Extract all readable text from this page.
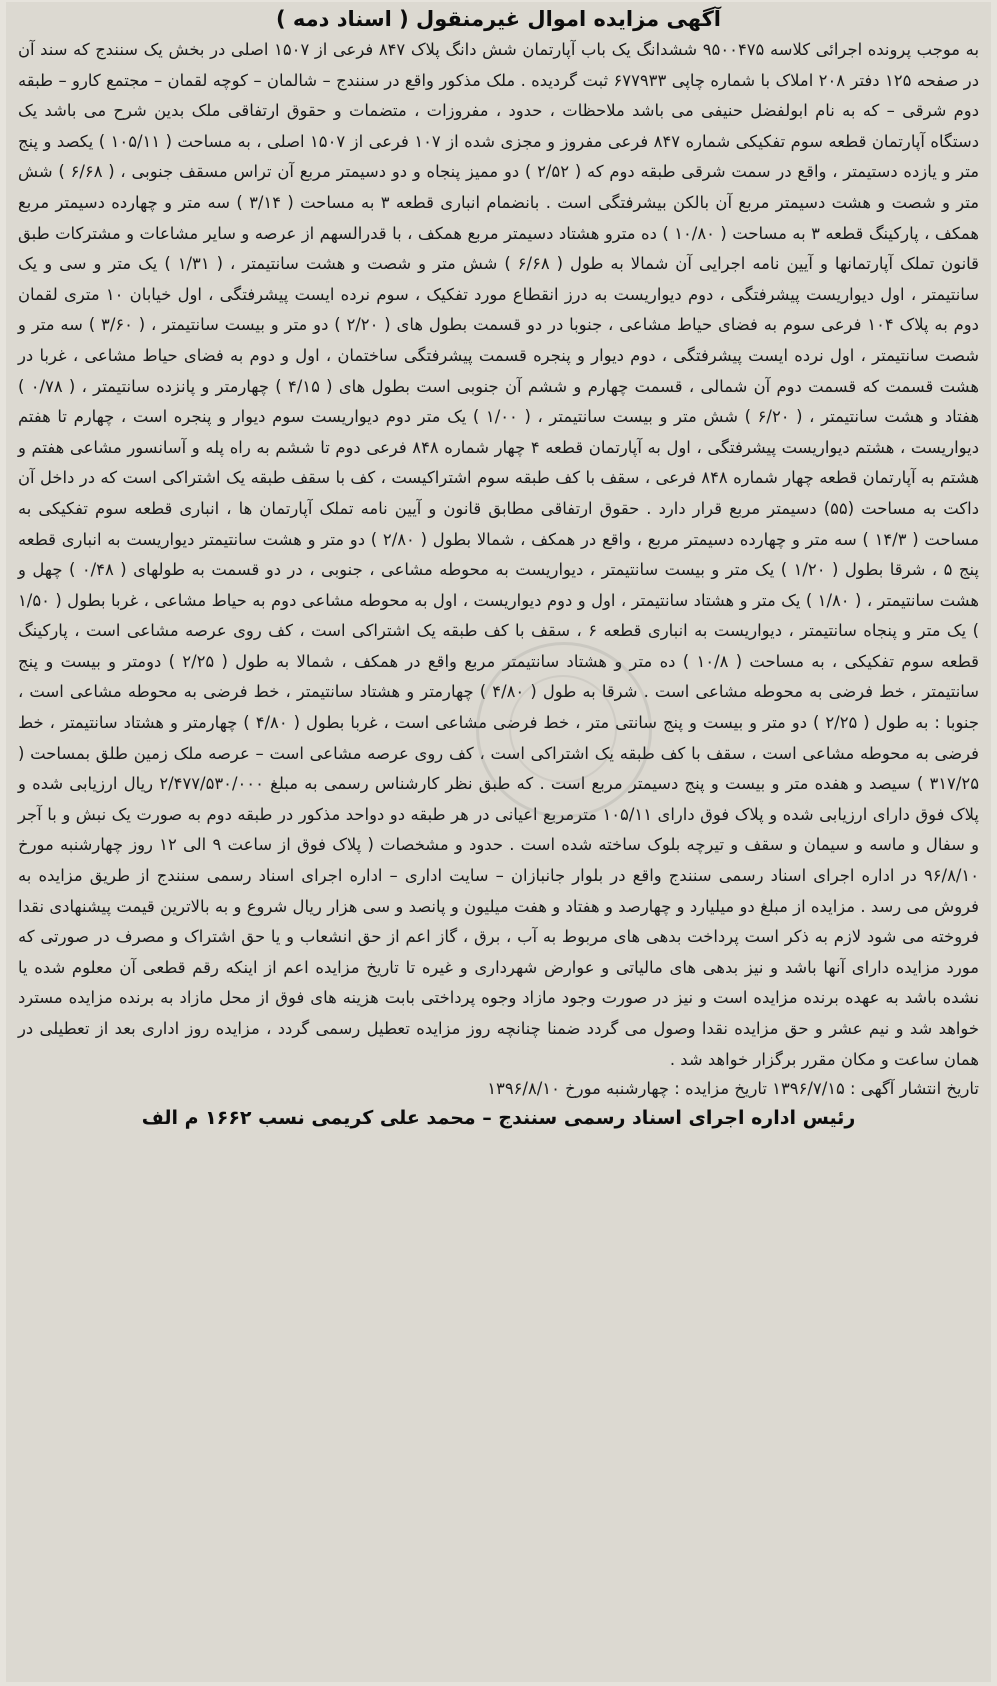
آگهی مزایده اموال غیرمنقول ( اسناد دمه )

به موجب پرونده اجرائی کلاسه ۹۵۰۰۴۷۵ ششدانگ یک باب آپارتمان شش دانگ پلاک ۸۴۷ فرعی از ۱۵۰۷ اصلی در بخش یک سنندج که سند آن در صفحه ۱۲۵ دفتر ۲۰۸ املاک با شماره چاپی ۶۷۷۹۳۳ ثبت گردیده . ملک مذکور واقع در سنندج – شالمان – کوچه لقمان – مجتمع کارو – طبقه دوم شرقی – که به نام ابولفضل حنیفی می باشد ملاحظات ، حدود ، مفروزات ، متضمات و حقوق ارتفاقی ملک بدین شرح می باشد یک دستگاه آپارتمان قطعه سوم تفکیکی شماره ۸۴۷ فرعی مفروز و مجزی شده از ۱۰۷ فرعی از ۱۵۰۷ اصلی ، به مساحت ( ۱۰۵/۱۱ ) یکصد و پنج متر و یازده دستیمتر ، واقع در سمت شرقی طبقه دوم که ( ۲/۵۲ ) دو ممیز پنجاه و دو دسیمتر مربع آن تراس مسقف جنوبی ، ( ۶/۶۸ ) شش متر و شصت و هشت دسیمتر مربع آن بالکن بیشرفتگی است . بانضمام انباری قطعه ۳ به مساحت ( ۳/۱۴ ) سه متر و چهارده دسیمتر مربع همکف ، پارکینگ قطعه ۳ به مساحت ( ۱۰/۸۰ ) ده مترو هشتاد دسیمتر مربع همکف ، با قدرالسهم از عرصه و سایر مشاعات و مشترکات طبق قانون تملک آپارتمانها و آیین نامه اجرایی آن شمالا به طول ( ۶/۶۸ ) شش متر و شصت و هشت سانتیمتر ، ( ۱/۳۱ ) یک متر و سی و یک سانتیمتر ، اول دیواریست پیشرفتگی ، دوم دیواریست به درز انقطاع مورد تفکیک ، سوم نرده ایست پیشرفتگی ، اول خیابان ۱۰ متری لقمان دوم به پلاک ۱۰۴ فرعی سوم به فضای حیاط مشاعی ، جنوبا در دو قسمت بطول های ( ۲/۲۰ ) دو متر و بیست سانتیمتر ، ( ۳/۶۰ ) سه متر و شصت سانتیمتر ، اول نرده ایست پیشرفتگی ، دوم دیوار و پنجره قسمت پیشرفتگی ساختمان ، اول و دوم به فضای حیاط مشاعی ، غربا در هشت قسمت که قسمت دوم آن شمالی ، قسمت چهارم و ششم آن جنوبی است بطول های ( ۴/۱۵ ) چهارمتر و پانزده سانتیمتر ، ( ۰/۷۸ ) هفتاد و هشت سانتیمتر ، ( ۶/۲۰ ) شش متر و بیست سانتیمتر ، ( ۱/۰۰ ) یک متر دوم دیواریست سوم دیوار و پنجره است ، چهارم تا هفتم دیواریست ، هشتم دیواریست پیشرفتگی ، اول به آپارتمان قطعه ۴ چهار شماره ۸۴۸ فرعی دوم تا ششم به راه پله و آسانسور مشاعی هفتم و هشتم به آپارتمان قطعه چهار شماره ۸۴۸ فرعی ، سقف با کف طبقه سوم اشتراکیست ، کف با سقف طبقه یک اشتراکی است که در داخل آن داکت به مساحت (۵۵) دسیمتر مربع قرار دارد . حقوق ارتفاقی مطابق قانون و آیین نامه تملک آپارتمان ها ، انباری قطعه سوم تفکیکی به مساحت ( ۱۴/۳ ) سه متر و چهارده دسیمتر مربع ، واقع در همکف ، شمالا بطول ( ۲/۸۰ ) دو متر و هشت سانتیمتر دیواریست به انباری قطعه پنج ۵ ، شرقا بطول ( ۱/۲۰ ) یک متر و بیست سانتیمتر ، دیواریست به محوطه مشاعی ، جنوبی ، در دو قسمت به طولهای ( ۰/۴۸ ) چهل و هشت سانتیمتر ، ( ۱/۸۰ ) یک متر و هشتاد سانتیمتر ، اول و دوم دیواریست ، اول به محوطه مشاعی دوم به حیاط مشاعی ، غربا بطول ( ۱/۵۰ ) یک متر و پنجاه سانتیمتر ، دیواریست به انباری قطعه ۶ ، سقف با کف طبقه یک اشتراکی است ، کف روی عرصه مشاعی است ، پارکینگ قطعه سوم تفکیکی ، به مساحت ( ۱۰/۸ ) ده متر و هشتاد سانتیمتر مربع واقع در همکف ، شمالا به طول ( ۲/۲۵ ) دومتر و بیست و پنج سانتیمتر ، خط فرضی به محوطه مشاعی است . شرقا به طول ( ۴/۸۰ ) چهارمتر و هشتاد سانتیمتر ، خط فرضی به محوطه مشاعی است ، جنوبا : به طول ( ۲/۲۵ ) دو متر و بیست و پنج سانتی متر ، خط فرضی مشاعی است ، غربا بطول ( ۴/۸۰ ) چهارمتر و هشتاد سانتیمتر ، خط فرضی به محوطه مشاعی است ، سقف با کف طبقه یک اشتراکی است ، کف روی عرصه مشاعی است – عرصه ملک زمین طلق بمساحت ( ۳۱۷/۲۵ ) سیصد و هفده متر و بیست و پنج دسیمتر مربع است . که طبق نظر کارشناس رسمی به مبلغ ۲/۴۷۷/۵۳۰/۰۰۰ ریال ارزیابی شده و پلاک فوق دارای ارزیابی شده و پلاک فوق دارای ۱۰۵/۱۱ مترمربع اعیانی در هر طبقه دو دواحد مذکور در طبقه دوم به صورت یک نبش و با آجر و سفال و ماسه و سیمان و سقف و تیرچه بلوک ساخته شده است . حدود و مشخصات ( پلاک فوق از ساعت ۹ الی ۱۲ روز چهارشنبه مورخ ۹۶/۸/۱۰ در اداره اجرای اسناد رسمی سنندج واقع در بلوار جانبازان – سایت اداری – اداره اجرای اسناد رسمی سنندج از طریق مزایده به فروش می رسد . مزایده از مبلغ دو میلیارد و چهارصد و هفتاد و هفت میلیون و پانصد و سی هزار ریال شروع و به بالاترین قیمت پیشنهادی نقدا فروخته می شود لازم به ذکر است پرداخت بدهی های مربوط به آب ، برق ، گاز اعم از حق انشعاب و یا حق اشتراک و مصرف در صورتی که مورد مزایده دارای آنها باشد و نیز بدهی های مالیاتی و عوارض شهرداری و غیره تا تاریخ مزایده اعم از اینکه رقم قطعی آن معلوم شده یا نشده باشد به عهده برنده مزایده است و نیز در صورت وجود مازاد وجوه پرداختی بابت هزینه های فوق از محل مازاد به برنده مزایده مسترد خواهد شد و نیم عشر و حق مزایده نقدا وصول می گردد ضمنا چنانچه روز مزایده تعطیل رسمی گردد ، مزایده روز اداری بعد از تعطیلی در همان ساعت و مکان مقرر برگزار خواهد شد .

تاریخ انتشار آگهی : ۱۳۹۶/۷/۱۵ تاریخ مزایده : چهارشنبه مورخ ۱۳۹۶/۸/۱۰

رئیس اداره اجرای اسناد رسمی سنندج – محمد علی کریمی نسب ۱۶۶۲ م الف
